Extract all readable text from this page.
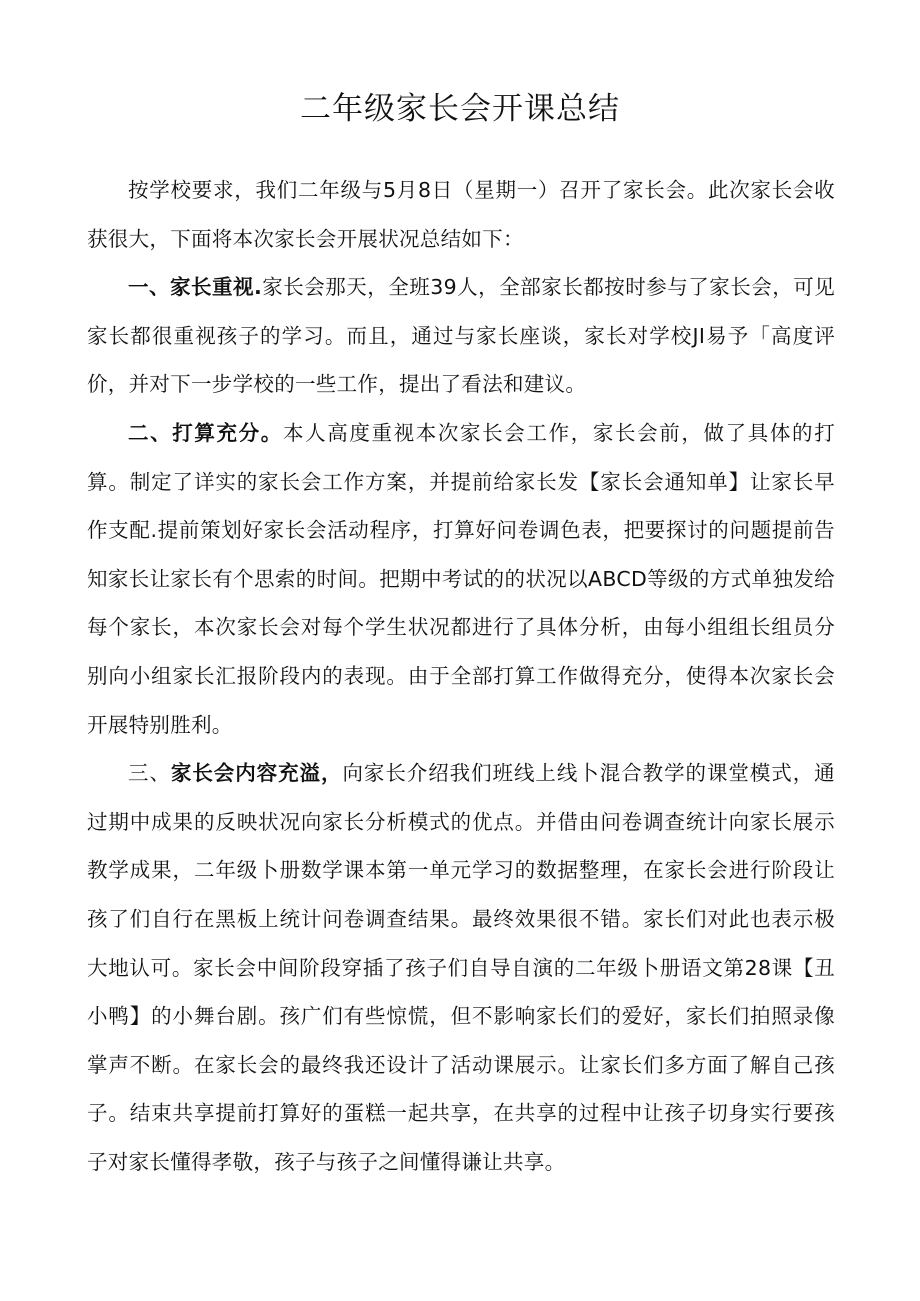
二年级家长会开课总结

按学校要求，我们二年级与5月8日（星期一）召开了家长会。此次家长会收获很大，下面将本次家长会开展状况总结如下：

一、家长重视.家长会那天，全班39人，全部家长都按时参与了家长会，可见家长都很重视孩子的学习。而且，通过与家长座谈，家长对学校JI易予「高度评价，并对下一步学校的一些工作，提出了看法和建议。

二、打算充分。本人高度重视本次家长会工作，家长会前，做了具体的打算。制定了详实的家长会工作方案，并提前给家长发【家长会通知单】让家长早作支配.提前策划好家长会活动程序，打算好问卷调色表，把要探讨的问题提前告知家长让家长有个思索的时间。把期中考试的的状况以ABCD等级的方式单独发给每个家长，本次家长会对每个学生状况都进行了具体分析，由每小组组长组员分别向小组家长汇报阶段内的表现。由于全部打算工作做得充分，使得本次家长会开展特别胜利。

三、家长会内容充溢，向家长介绍我们班线上线卜混合教学的课堂模式，通过期中成果的反映状况向家长分析模式的优点。并借由问卷调查统计向家长展示教学成果，二年级卜册数学课本第一单元学习的数据整理，在家长会进行阶段让孩了们自行在黑板上统计问卷调查结果。最终效果很不错。家长们对此也表示极大地认可。家长会中间阶段穿插了孩子们自导自演的二年级卜册语文第28课【丑小鸭】的小舞台剧。孩广们有些惊慌，但不影响家长们的爱好，家长们拍照录像掌声不断。在家长会的最终我还设计了活动课展示。让家长们多方面了解自己孩子。结束共享提前打算好的蛋糕一起共享，在共享的过程中让孩子切身实行要孩子对家长懂得孝敬，孩子与孩子之间懂得谦让共享。
